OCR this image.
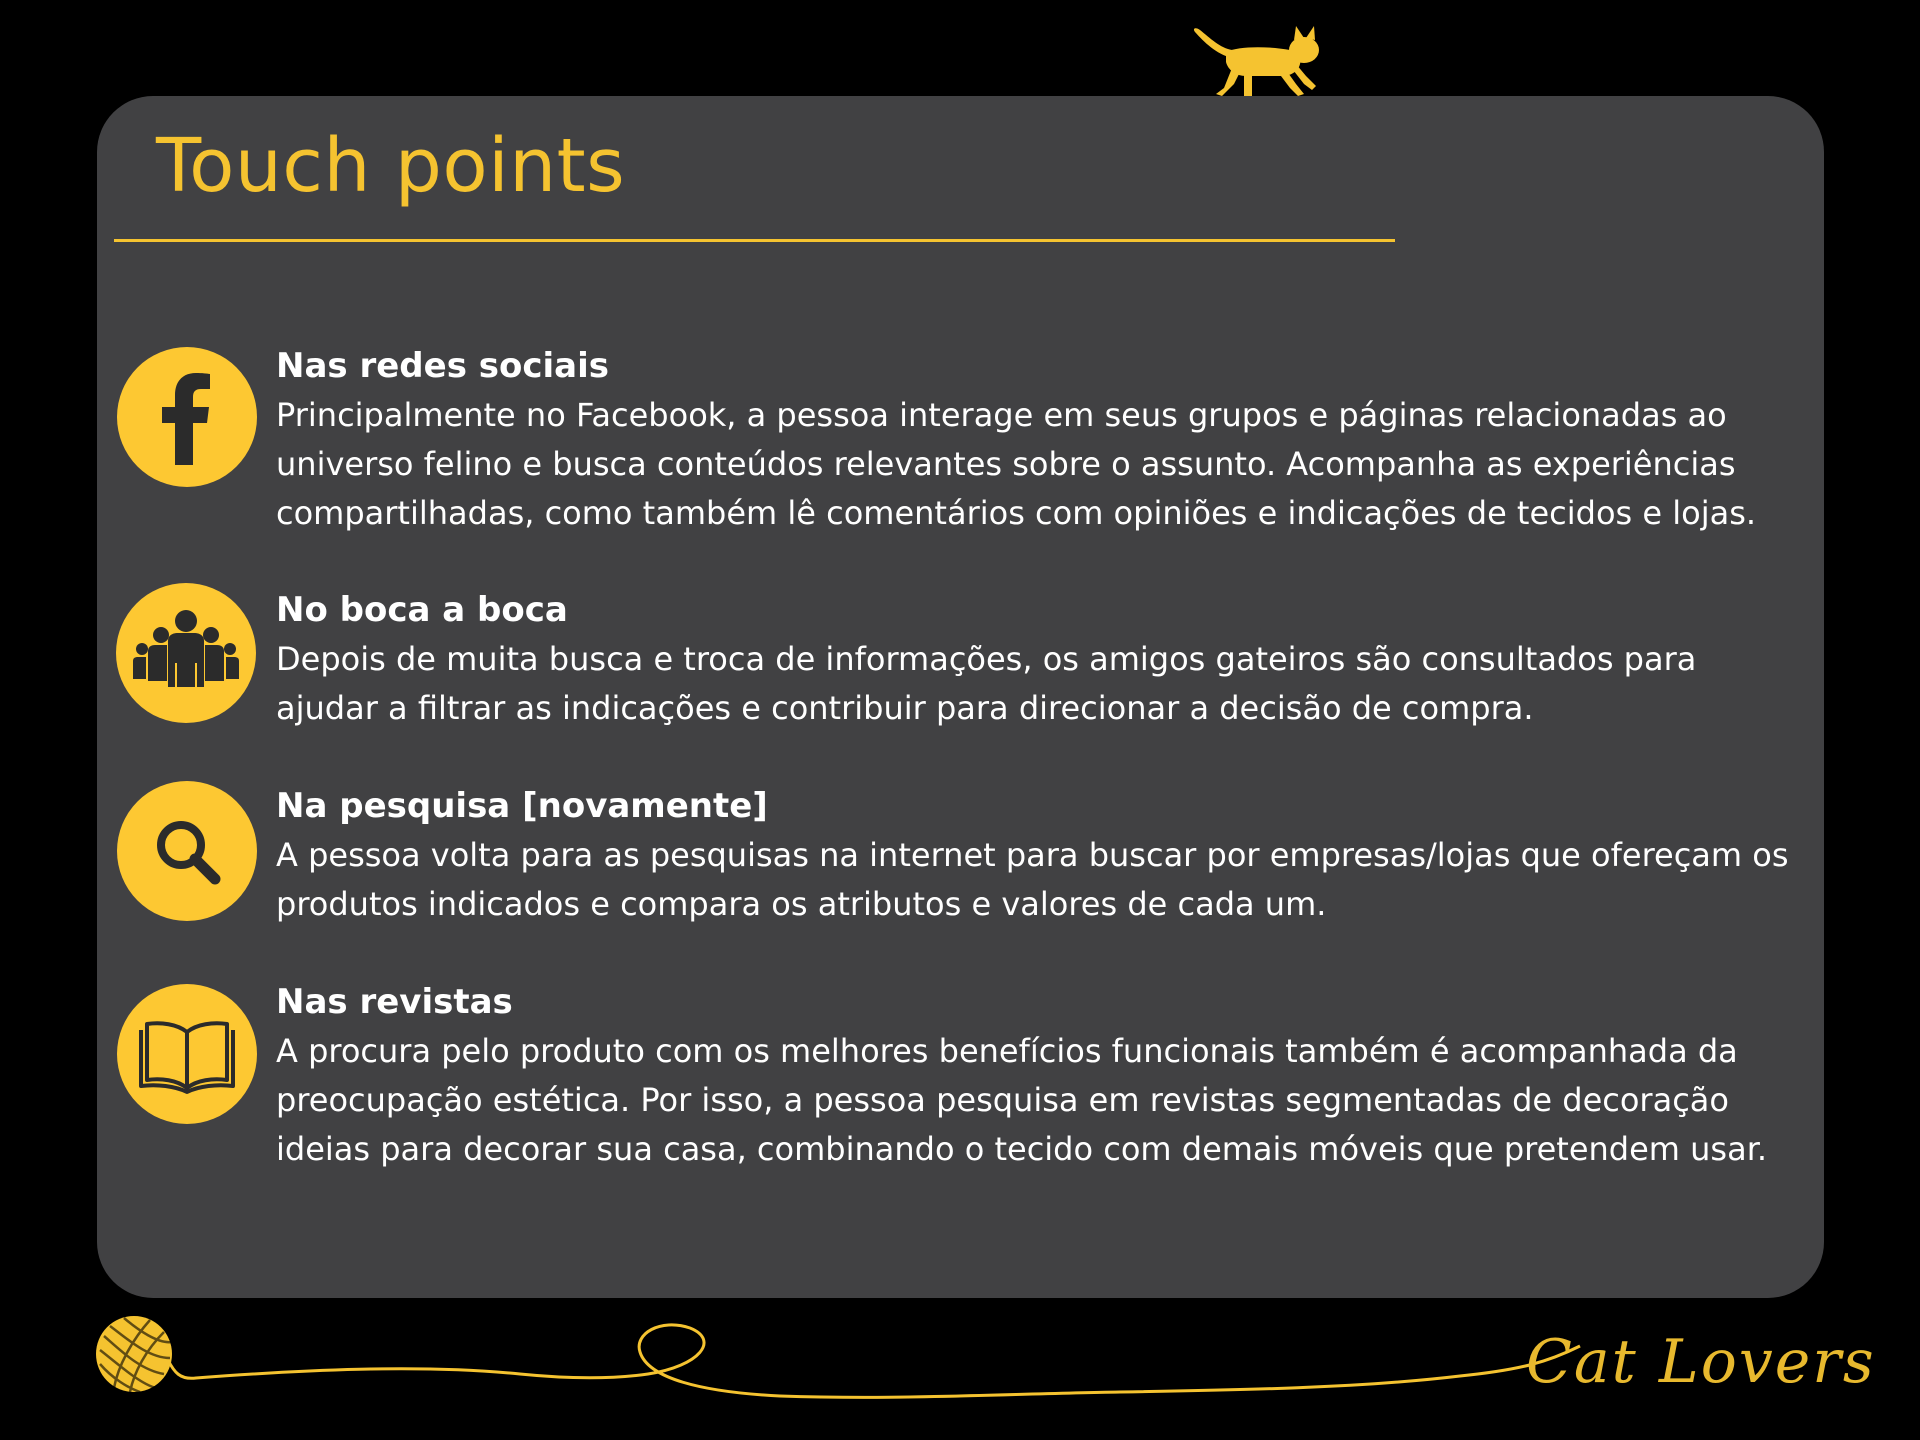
Touch points

Nas redes sociais

Principalmente no Facebook, a pessoa interage em seus grupos e páginas relacionadas ao

universo felino e busca conteúdos relevantes sobre o assunto. Acompanha as experiências

compartilhadas, como também lê comentários com opiniões e indicações de tecidos e lojas.

No boca a boca

Depois de muita busca e troca de informações, os amigos gateiros são consultados para

ajudar a filtrar as indicações e contribuir para direcionar a decisão de compra.

Na pesquisa [novamente]

A pessoa volta para as pesquisas na internet para buscar por empresas/lojas que ofereçam os

produtos indicados e compara os atributos e valores de cada um.

Nas revistas

A procura pelo produto com os melhores benefícios funcionais também é acompanhada da

preocupação estética. Por isso, a pessoa pesquisa em revistas segmentadas de decoração

ideias para decorar sua casa, combinando o tecido com demais móveis que pretendem usar.

Cat Lovers
